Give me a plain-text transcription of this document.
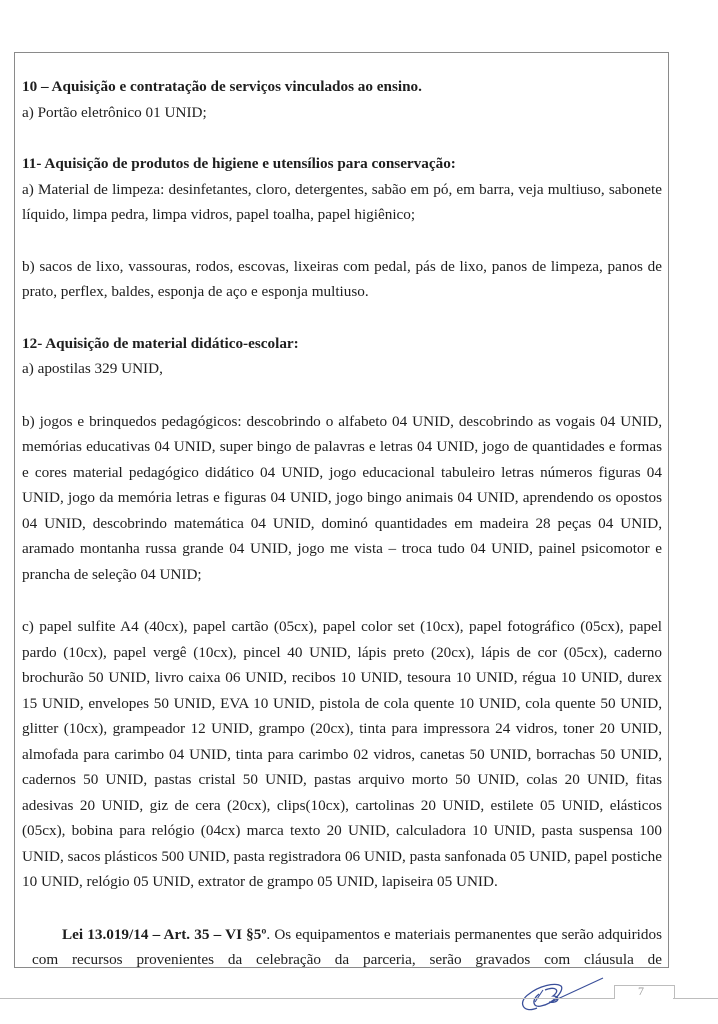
10 – Aquisição e contratação de serviços vinculados ao ensino.

a) Portão eletrônico 01 UNID;

11- Aquisição de produtos de higiene e utensílios para conservação:

a) Material de limpeza: desinfetantes, cloro, detergentes, sabão em pó, em barra, veja multiuso, sabonete líquido, limpa pedra, limpa vidros, papel toalha, papel higiênico;

b) sacos de lixo, vassouras, rodos, escovas, lixeiras com pedal, pás de lixo, panos de limpeza, panos de prato, perflex, baldes, esponja de aço e esponja multiuso.

12- Aquisição de material didático-escolar:

a) apostilas 329 UNID,

b) jogos e brinquedos pedagógicos: descobrindo o alfabeto 04 UNID, descobrindo as vogais 04 UNID, memórias educativas 04 UNID, super bingo de palavras e letras 04 UNID, jogo de quantidades e formas e cores material pedagógico didático 04 UNID, jogo educacional tabuleiro letras números figuras 04 UNID, jogo da memória letras e figuras 04 UNID, jogo bingo animais 04 UNID, aprendendo os opostos 04 UNID, descobrindo matemática 04 UNID, dominó quantidades em madeira 28 peças 04 UNID, aramado montanha russa grande 04 UNID, jogo me vista – troca tudo 04 UNID, painel psicomotor e prancha de seleção 04 UNID;

c) papel sulfite A4 (40cx), papel cartão (05cx), papel color set (10cx), papel fotográfico (05cx), papel pardo (10cx), papel vergê (10cx), pincel 40 UNID, lápis preto (20cx), lápis de cor (05cx), caderno brochurão 50 UNID, livro caixa 06 UNID, recibos 10 UNID, tesoura 10 UNID, régua 10 UNID, durex 15 UNID, envelopes 50 UNID, EVA 10 UNID, pistola de cola quente 10 UNID, cola quente 50 UNID, glitter (10cx), grampeador 12 UNID, grampo (20cx), tinta para impressora 24 vidros, toner 20 UNID, almofada para carimbo 04 UNID, tinta para carimbo 02 vidros, canetas 50 UNID, borrachas 50 UNID, cadernos 50 UNID, pastas cristal 50 UNID, pastas arquivo morto 50 UNID, colas 20 UNID, fitas adesivas 20 UNID, giz de cera (20cx), clips(10cx), cartolinas 20 UNID, estilete 05 UNID, elásticos (05cx), bobina para relógio (04cx) marca texto 20 UNID, calculadora 10 UNID, pasta suspensa 100 UNID, sacos plásticos 500 UNID, pasta registradora 06 UNID, pasta sanfonada 05 UNID, papel postiche 10 UNID, relógio 05 UNID, extrator de grampo 05 UNID, lapiseira 05 UNID.

Lei 13.019/14 – Art. 35 – VI §5º. Os equipamentos e materiais permanentes que serão adquiridos com recursos provenientes da celebração da parceria, serão gravados com cláusula de

7
